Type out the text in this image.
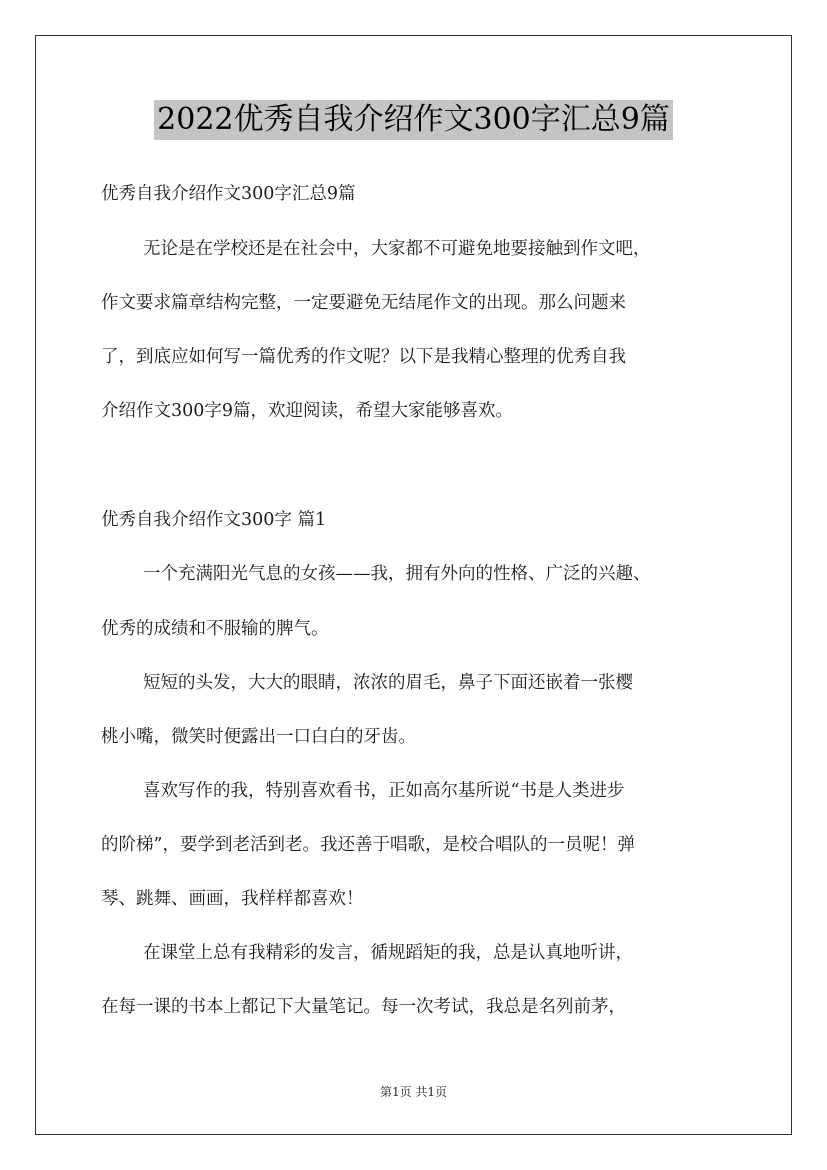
2022优秀自我介绍作文300字汇总9篇
优秀自我介绍作文300字汇总9篇
无论是在学校还是在社会中，大家都不可避免地要接触到作文吧，
作文要求篇章结构完整，一定要避免无结尾作文的出现。那么问题来
了，到底应如何写一篇优秀的作文呢？以下是我精心整理的优秀自我
介绍作文300字9篇，欢迎阅读，希望大家能够喜欢。
优秀自我介绍作文300字 篇1
一个充满阳光气息的女孩——我，拥有外向的性格、广泛的兴趣、
优秀的成绩和不服输的脾气。
短短的头发，大大的眼睛，浓浓的眉毛，鼻子下面还嵌着一张樱
桃小嘴，微笑时便露出一口白白的牙齿。
喜欢写作的我，特别喜欢看书，正如高尔基所说“书是人类进步
的阶梯”，要学到老活到老。我还善于唱歌，是校合唱队的一员呢！弹
琴、跳舞、画画，我样样都喜欢！
在课堂上总有我精彩的发言，循规蹈矩的我，总是认真地听讲，
在每一课的书本上都记下大量笔记。每一次考试，我总是名列前茅，
第1页 共1页
